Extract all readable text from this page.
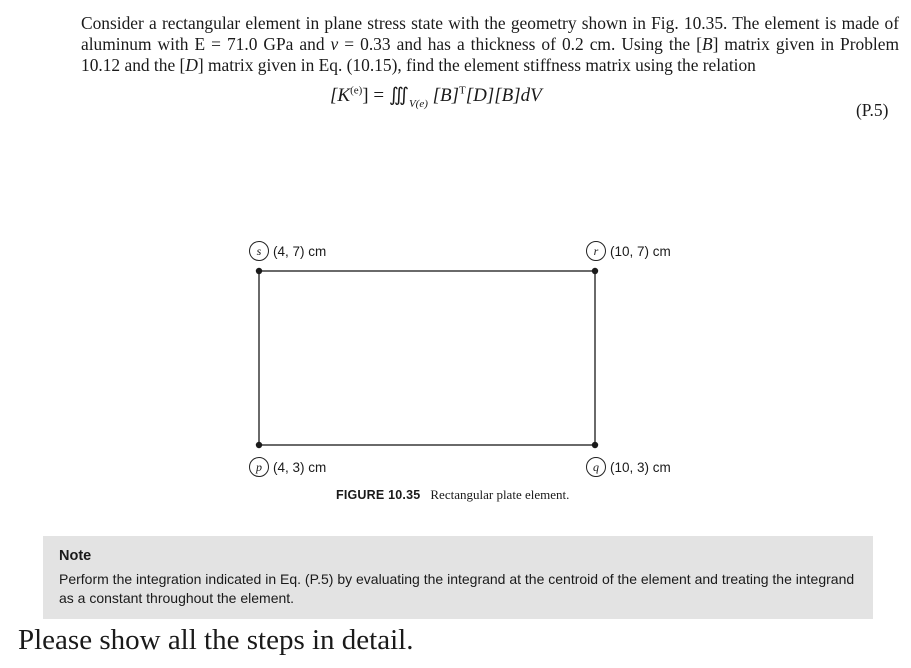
Consider a rectangular element in plane stress state with the geometry shown in Fig. 10.35. The element is made of aluminum with E = 71.0 GPa and v = 0.33 and has a thickness of 0.2 cm. Using the [B] matrix given in Problem 10.12 and the [D] matrix given in Eq. (10.15), find the element stiffness matrix using the relation
$[K^{(e)}]$ = $∭_{V(e)}$ $[B]^T[D][B]dV$
(P.5)
s (4, 7) cm	r (10, 7) cm
p (4, 3) cm	q (10, 3) cm
FIGURE 10.35 Rectangular plate element.
Note
Perform the integration indicated in Eq. (P.5) by evaluating the integrand at the centroid of the element and treating the integrand as a constant throughout the element.
Please show all the steps in detail.
